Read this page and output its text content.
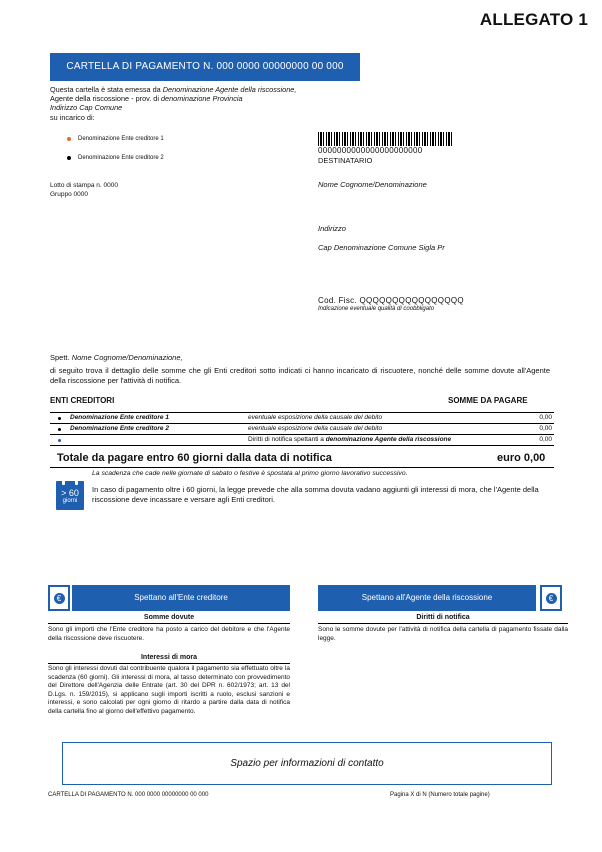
ALLEGATO 1
CARTELLA DI PAGAMENTO N. 000 0000 00000000 00 000
Questa cartella è stata emessa da Denominazione Agente della riscossione,
Agente della riscossione - prov. di denominazione Provincia
Indirizzo Cap Comune
su incarico di:
Denominazione Ente creditore 1
Denominazione Ente creditore 2
0000000000000000000000
DESTINATARIO
Lotto di stampa n. 0000
Gruppo 0000
Nome Cognome/Denominazione
Indirizzo
Cap Denominazione Comune Sigla Pr
Cod. Fisc. QQQQQQQQQQQQQQQQ
Indicazione eventuale qualità di coobbligato
Spett. Nome Cognome/Denominazione,
di seguito trova il dettaglio delle somme che gli Enti creditori sotto indicati ci hanno incaricato di riscuotere, nonché delle somme dovute all'Agente della riscossione per l'attività di notifica.
ENTI CREDITORI	SOMME DA PAGARE
Denominazione Ente creditore 1	eventuale esposizione della causale del debito	0,00

Denominazione Ente creditore 2	eventuale esposizione della causale del debito	0,00

	Diritti di notifica spettanti a denominazione Agente della riscossione	0,00
Totale da pagare entro 60 giorni dalla data di notifica	euro 0,00
La scadenza che cade nelle giornate di sabato o festive è spostata al primo giorno lavorativo successivo.
> 60
giorni
In caso di pagamento oltre i 60 giorni, la legge prevede che alla somma dovuta vadano aggiunti gli interessi di mora, che l'Agente della riscossione deve incassare e versare agli Enti creditori.
€	Spettano all'Ente creditore	Spettano all'Agente della riscossione	€
Somme dovute
Sono gli importi che l'Ente creditore ha posto a carico del debitore e che l'Agente della riscossione deve riscuotere.
Interessi di mora
Sono gli interessi dovuti dal contribuente qualora il pagamento sia effettuato oltre la scadenza (60 giorni). Gli interessi di mora, al tasso determinato con provvedimento del Direttore dell'Agenzia delle Entrate (art. 30 del DPR n. 602/1973; art. 13 del D.Lgs. n. 159/2015), si applicano sugli importi iscritti a ruolo, esclusi sanzioni e interessi, e sono calcolati per ogni giorno di ritardo a partire dalla data di notifica della cartella fino al giorno dell'effettivo pagamento.
Diritti di notifica
Sono le somme dovute per l'attività di notifica della cartella di pagamento fissate dalla legge.
Spazio per informazioni di contatto
CARTELLA DI PAGAMENTO N. 000 0000 00000000 00 000	Pagina X di N (Numero totale pagine)
